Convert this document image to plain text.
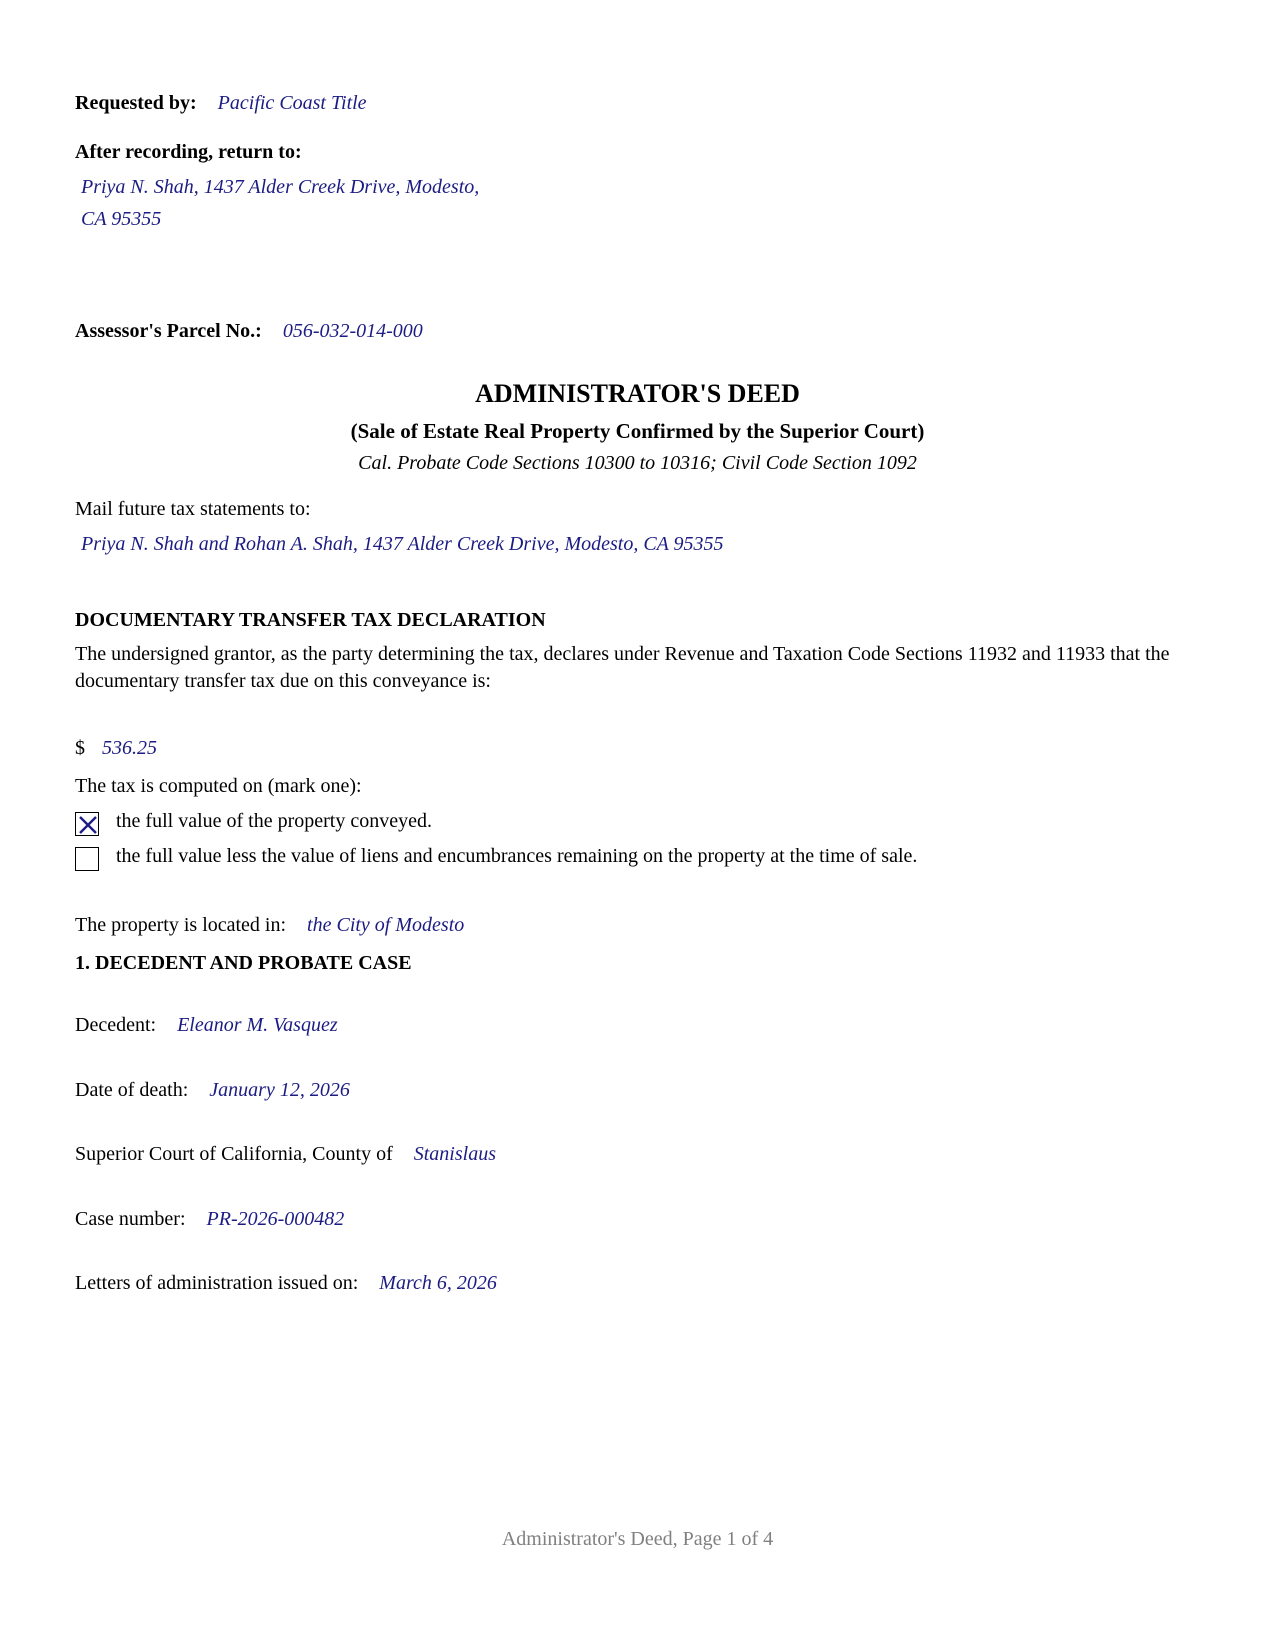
Requested by: Pacific Coast Title
After recording, return to:
Priya N. Shah, 1437 Alder Creek Drive, Modesto,
CA 95355
Assessor's Parcel No.: 056-032-014-000
ADMINISTRATOR'S DEED
(Sale of Estate Real Property Confirmed by the Superior Court)
Cal. Probate Code Sections 10300 to 10316; Civil Code Section 1092
Mail future tax statements to:
Priya N. Shah and Rohan A. Shah, 1437 Alder Creek Drive, Modesto, CA 95355
DOCUMENTARY TRANSFER TAX DECLARATION
The undersigned grantor, as the party determining the tax, declares under Revenue and Taxation Code Sections 11932 and 11933 that the documentary transfer tax due on this conveyance is:
$ 536.25
The tax is computed on (mark one):
the full value of the property conveyed.
the full value less the value of liens and encumbrances remaining on the property at the time of sale.
The property is located in: the City of Modesto
1. DECEDENT AND PROBATE CASE
Decedent: Eleanor M. Vasquez
Date of death: January 12, 2026
Superior Court of California, County of Stanislaus
Case number: PR-2026-000482
Letters of administration issued on: March 6, 2026
Administrator's Deed, Page 1 of 4
